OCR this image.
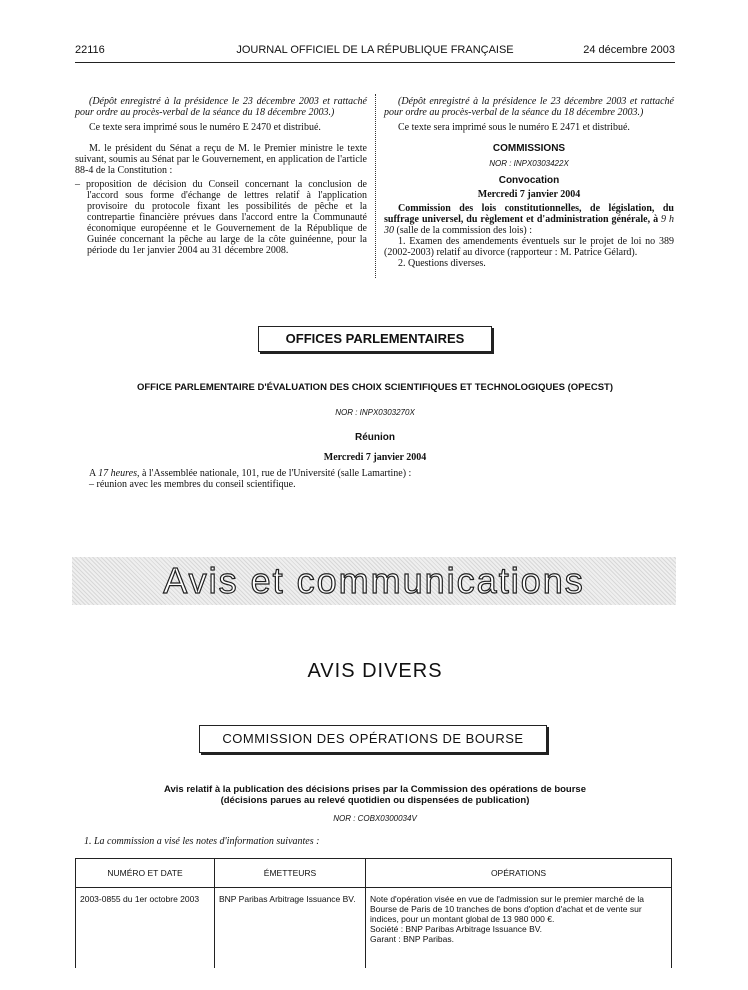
22116	JOURNAL OFFICIEL DE LA RÉPUBLIQUE FRANÇAISE	24 décembre 2003

(Dépôt enregistré à la présidence le 23 décembre 2003 et rattaché pour ordre au procès-verbal de la séance du 18 décembre 2003.)

Ce texte sera imprimé sous le numéro E 2470 et distribué.

M. le président du Sénat a reçu de M. le Premier ministre le texte suivant, soumis au Sénat par le Gouvernement, en application de l'article 88-4 de la Constitution :

– proposition de décision du Conseil concernant la conclusion de l'accord sous forme d'échange de lettres relatif à l'application provisoire du protocole fixant les possibilités de pêche et la contrepartie financière prévues dans l'accord entre la Communauté économique européenne et le Gouvernement de la République de Guinée concernant la pêche au large de la côte guinéenne, pour la période du 1er janvier 2004 au 31 décembre 2008.

(Dépôt enregistré à la présidence le 23 décembre 2003 et rattaché pour ordre au procès-verbal de la séance du 18 décembre 2003.)

Ce texte sera imprimé sous le numéro E 2471 et distribué.

COMMISSIONS

NOR : INPX0303422X

Convocation

Mercredi 7 janvier 2004

Commission des lois constitutionnelles, de législation, du suffrage universel, du règlement et d'administration générale, à 9 h 30 (salle de la commission des lois) :

1. Examen des amendements éventuels sur le projet de loi no 389 (2002-2003) relatif au divorce (rapporteur : M. Patrice Gélard).

2. Questions diverses.

OFFICES PARLEMENTAIRES
OFFICE PARLEMENTAIRE D'ÉVALUATION DES CHOIX SCIENTIFIQUES ET TECHNOLOGIQUES (OPECST)
NOR : INPX0303270X
Réunion
Mercredi 7 janvier 2004

A 17 heures, à l'Assemblée nationale, 101, rue de l'Université (salle Lamartine) :

– réunion avec les membres du conseil scientifique.

Avis et communications
AVIS DIVERS
COMMISSION DES OPÉRATIONS DE BOURSE
Avis relatif à la publication des décisions prises par la Commission des opérations de bourse
(décisions parues au relevé quotidien ou dispensées de publication)
NOR : COBX0300034V
1. La commission a visé les notes d'information suivantes :
NUMÉRO ET DATE	ÉMETTEURS	OPÉRATIONS
2003-0855 du 1er octobre 2003	BNP Paribas Arbitrage Issuance BV.	Note d'opération visée en vue de l'admission sur le premier marché de la Bourse de Paris de 10 tranches de bons d'option d'achat et de vente sur indices, pour un montant global de 13 980 000 €.
Société : BNP Paribas Arbitrage Issuance BV.
Garant : BNP Paribas.
